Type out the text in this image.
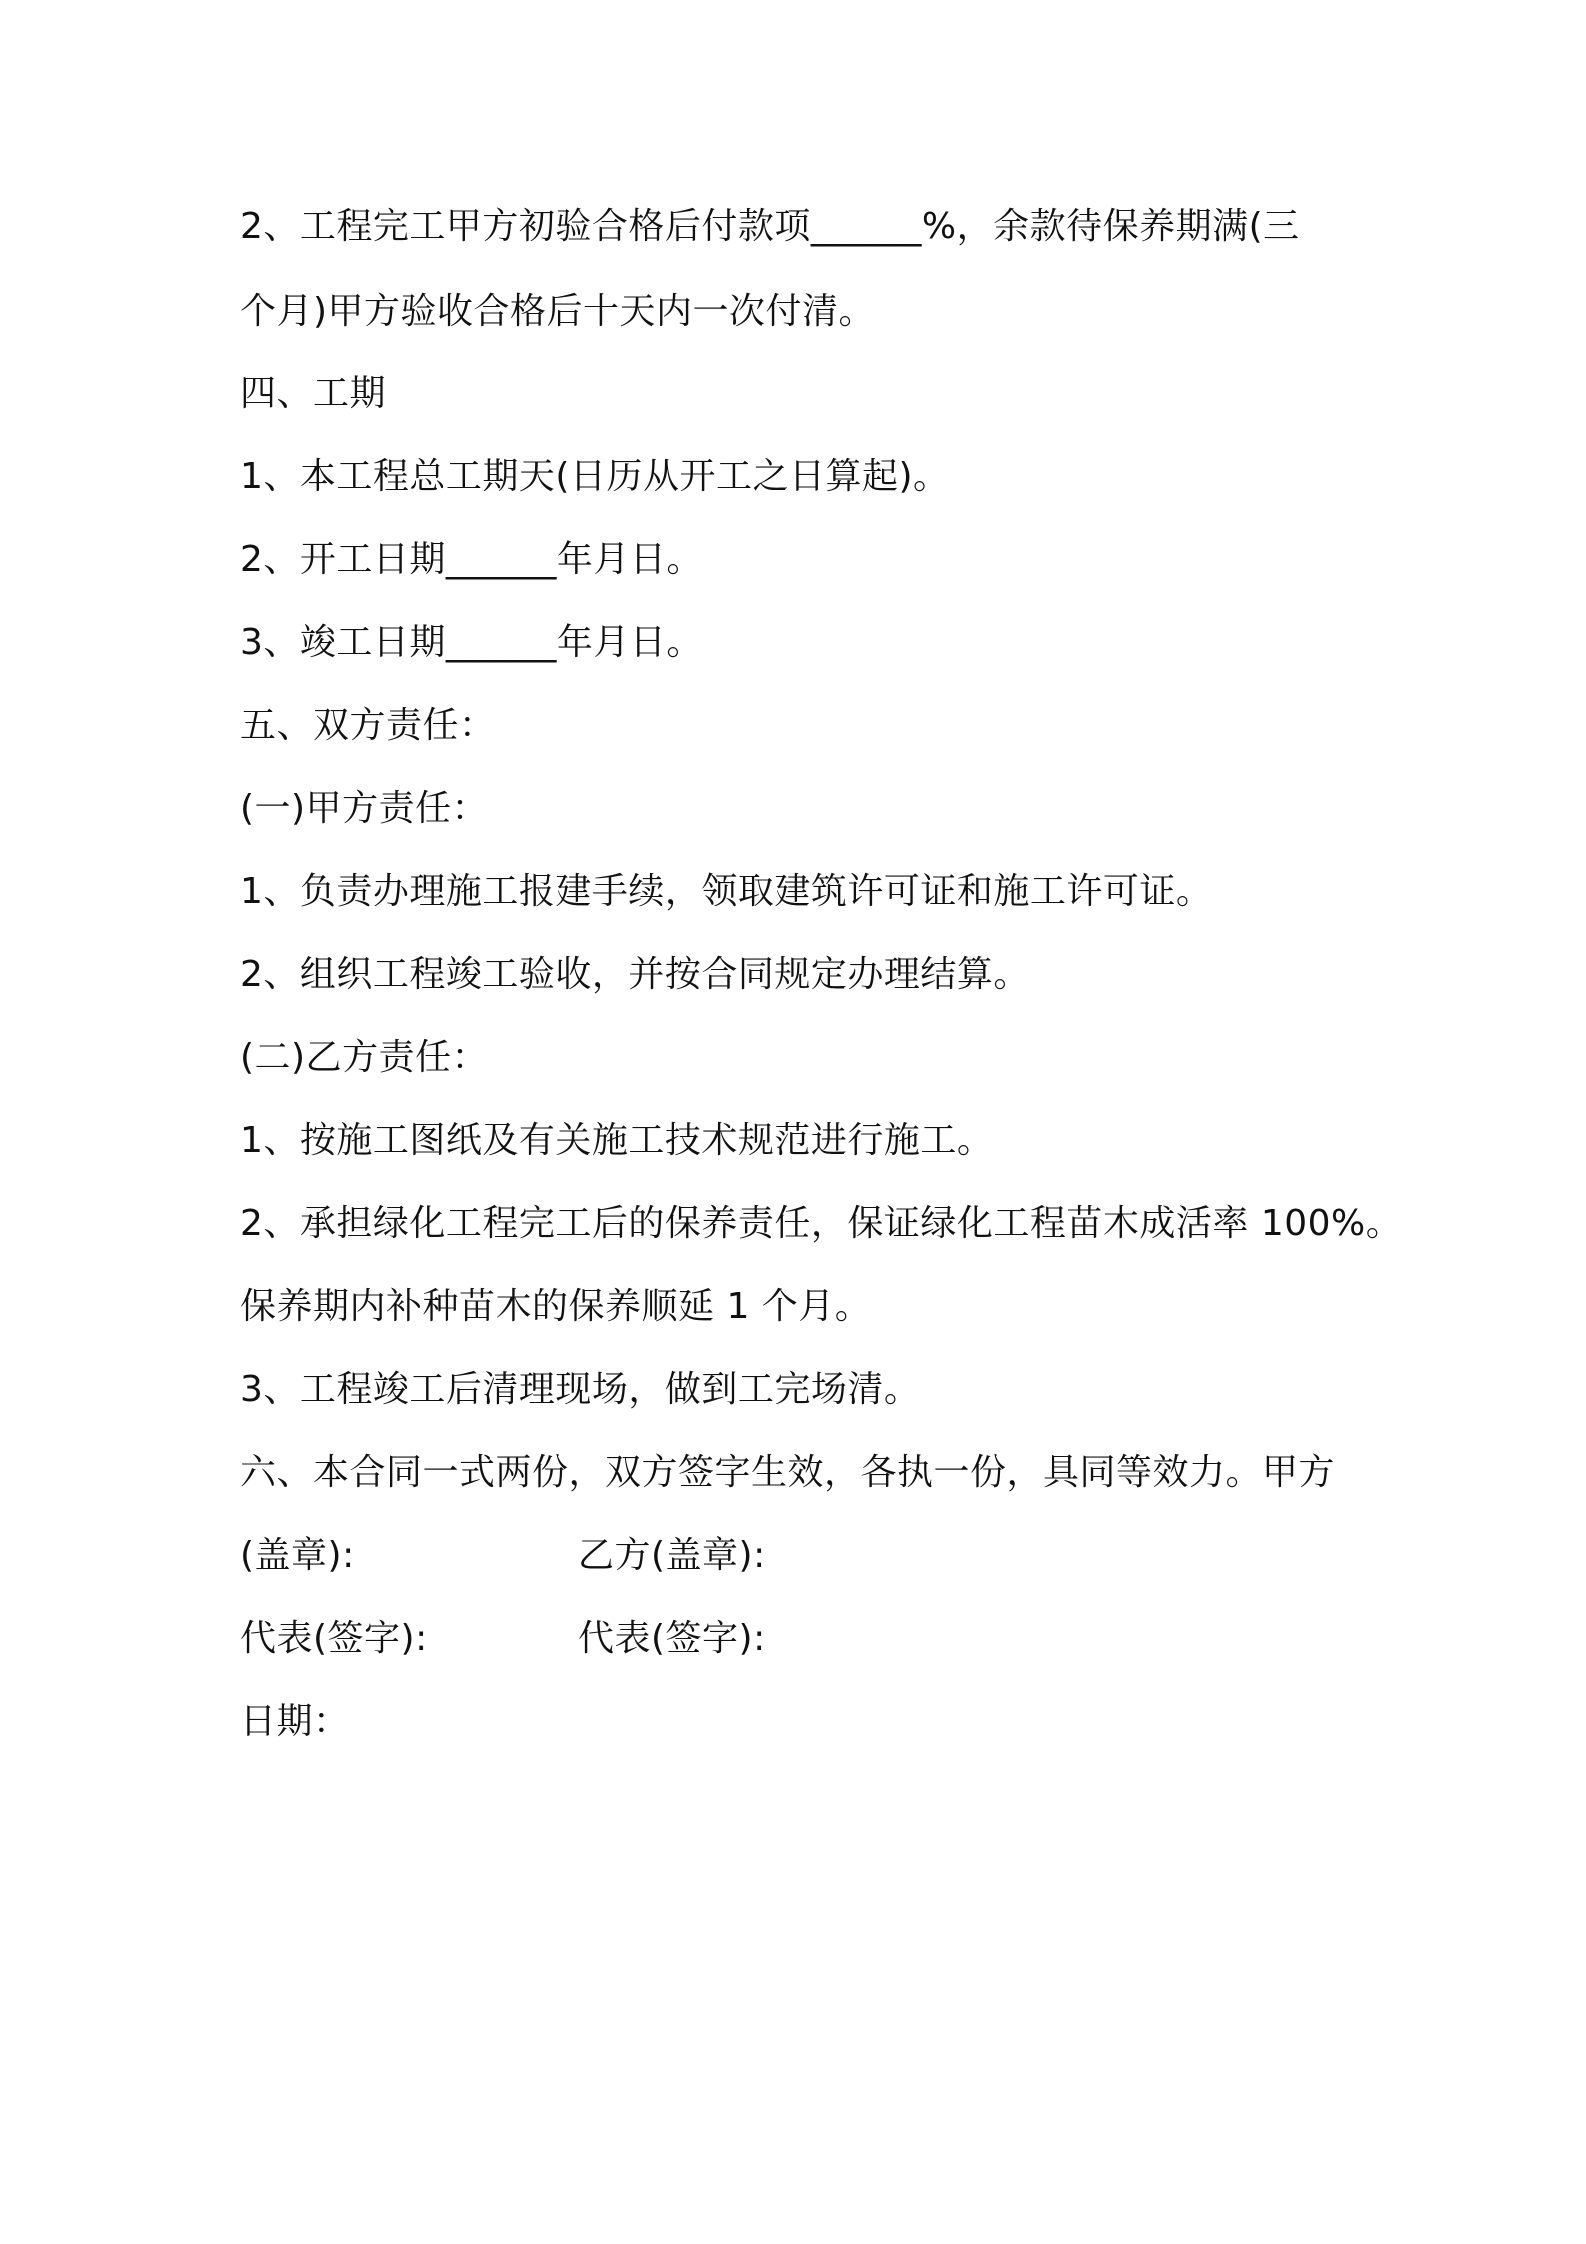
2、工程完工甲方初验合格后付款项______%，余款待保养期满(三
个月)甲方验收合格后十天内一次付清。
四、工期
1、本工程总工期天(日历从开工之日算起)。
2、开工日期______年月日。
3、竣工日期______年月日。
五、双方责任：
(一)甲方责任：
1、负责办理施工报建手续，领取建筑许可证和施工许可证。
2、组织工程竣工验收，并按合同规定办理结算。
(二)乙方责任：
1、按施工图纸及有关施工技术规范进行施工。
2、承担绿化工程完工后的保养责任，保证绿化工程苗木成活率 100%。
保养期内补种苗木的保养顺延 1 个月。
3、工程竣工后清理现场，做到工完场清。
六、本合同一式两份，双方签字生效，各执一份，具同等效力。甲方
(盖章):	乙方(盖章):
代表(签字):	代表(签字):
日期：
